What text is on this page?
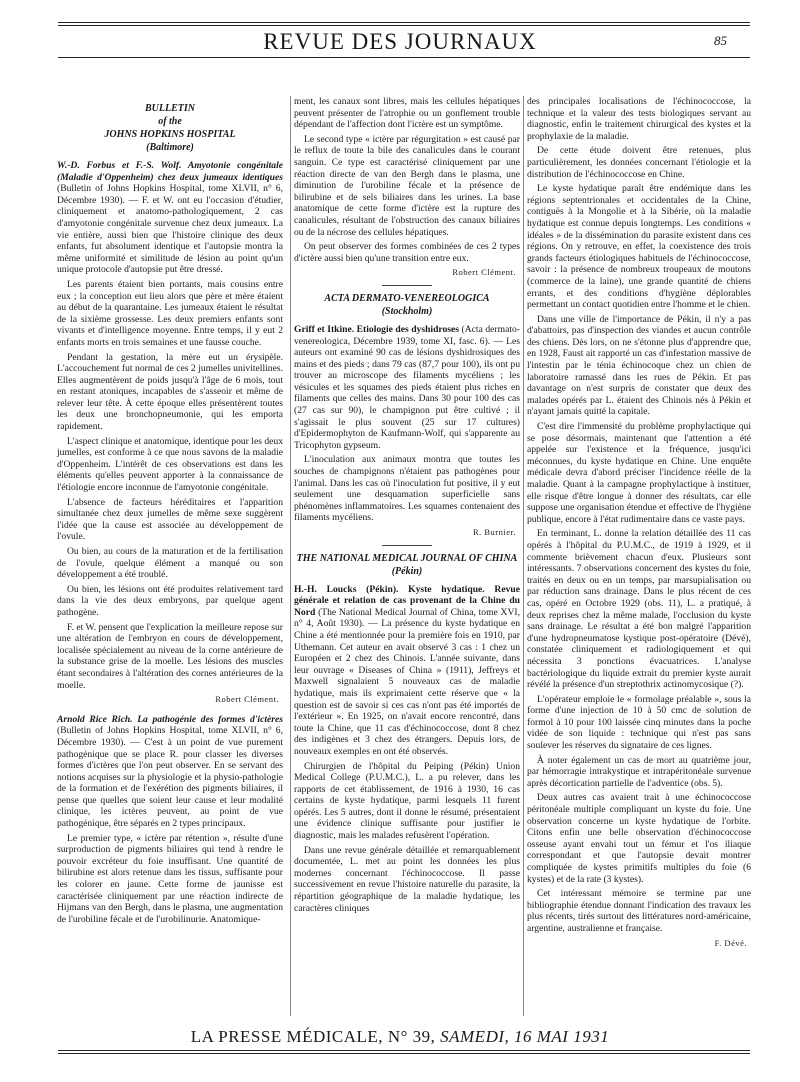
REVUE DES JOURNAUX	85
BULLETIN
of the
JOHNS HOPKINS HOSPITAL
(Baltimore)

W.-D. Forbus et F.-S. Wolf. Amyotonie congénitale (Maladie d'Oppenheim) chez deux jumeaux identiques (Bulletin of Johns Hopkins Hospital, tome XLVII, n° 6, Décembre 1930). — F. et W. ont eu l'occasion d'étudier, cliniquement et anatomo-pathologiquement, 2 cas d'amyotonie congénitale survenue chez deux jumeaux. La vie entière, aussi bien que l'histoire clinique des deux enfants, fut absolument identique et l'autopsie montra la même uniformité et similitude de lésion au point qu'un unique protocole d'autopsie put être dressé.

Les parents étaient bien portants, mais cousins entre eux ; la conception eut lieu alors que père et mère étaient au début de la quarantaine. Les jumeaux étaient le résultat de la sixième grossesse. Les deux premiers enfants sont vivants et d'intelligence moyenne. Entre temps, il y eut 2 enfants morts en trois semaines et une fausse couche.

Pendant la gestation, la mère eut un érysipèle. L'accouchement fut normal de ces 2 jumelles univitellines. Elles augmentèrent de poids jusqu'à l'âge de 6 mois, tout en restant atoniques, incapables de s'asseoir et même de relever leur tête. À cette époque elles présentèrent toutes les deux une bronchopneumonie, qui les emporta rapidement.

L'aspect clinique et anatomique, identique pour les deux jumelles, est conforme à ce que nous savons de la maladie d'Oppenheim. L'intérêt de ces observations est dans les éléments qu'elles peuvent apporter à la connaissance de l'étiologie encore inconnue de l'amyotonie congénitale.

L'absence de facteurs héréditaires et l'apparition simultanée chez deux jumelles de même sexe suggèrent l'idée que la cause est associée au développement de l'ovule.

Ou bien, au cours de la maturation et de la fertilisation de l'ovule, quelque élément a manqué ou son développement a été troublé.

Ou bien, les lésions ont été produites relativement tard dans la vie des deux embryons, par quelque agent pathogène.

F. et W. pensent que l'explication la meilleure repose sur une altération de l'embryon en cours de développement, localisée spécialement au niveau de la corne antérieure de la substance grise de la moelle. Les lésions des muscles étant secondaires à l'altération des cornes antérieures de la moelle.

Robert Clément.

Arnold Rice Rich. La pathogénie des formes d'ictères (Bulletin of Johns Hopkins Hospital, tome XLVII, n° 6, Décembre 1930). — C'est à un point de vue purement pathogénique que se place R. pour classer les diverses formes d'ictères que l'on peut observer. En se servant des notions acquises sur la physiologie et la physio-pathologie de la formation et de l'exérétion des pigments biliaires, il pense que quelles que soient leur cause et leur modalité clinique, les ictères peuvent, au point de vue pathogénique, être séparés en 2 types principaux.

Le premier type, « ictère par rétention », résulte d'une surproduction de pigments biliaires qui tend à rendre le pouvoir excréteur du foie insuffisant. Une quantité de bilirubine est alors retenue dans les tissus, suffisante pour les colorer en jaune. Cette forme de jaunisse est caractérisée cliniquement par une réaction indirecte de Hijmans van den Bergh, dans le plasma, une augmentation de l'urobiline fécale et de l'urobilinurie. Anatomique-

ment, les canaux sont libres, mais les cellules hépatiques peuvent présenter de l'atrophie ou un gonflement trouble dépendant de l'affection dont l'ictère est un symptôme.

Le second type « ictère par régurgitation » est causé par le reflux de toute la bile des canalicules dans le courant sanguin. Ce type est caractérisé cliniquement par une réaction directe de van den Bergh dans le plasma, une diminution de l'urobiline fécale et la présence de bilirubine et de sels biliaires dans les urines. La base anatomique de cette forme d'ictère est la rupture des canalicules, résultant de l'obstruction des canaux biliaires ou de la nécrose des cellules hépatiques.

On peut observer des formes combinées de ces 2 types d'ictère aussi bien qu'une transition entre eux.

Robert Clément.
ACTA DERMATO-VENEREOLOGICA
(Stockholm)

Griff et Itkine. Etiologie des dyshidroses (Acta dermato-venereologica, Décembre 1939, tome XI, fasc. 6). — Les auteurs ont examiné 90 cas de lésions dyshidrosiques des mains et des pieds ; dans 79 cas (87,7 pour 100), ils ont pu trouver au microscope des filaments mycéliens ; les vésicules et les squames des pieds étaient plus riches en filaments que celles des mains. Dans 30 pour 100 des cas (27 cas sur 90), le champignon put être cultivé ; il s'agissait le plus souvent (25 sur 17 cultures) d'Epidermophyton de Kaufmann-Wolf, qui s'apparente au Tricophyton gypseum.

L'inoculation aux animaux montra que toutes les souches de champignons n'étaient pas pathogènes pour l'animal. Dans les cas où l'inoculation fut positive, il y eut seulement une desquamation superficielle sans phénomènes inflammatoires. Les squames contenaient des filaments mycéliens.

R. Burnier.
THE NATIONAL MEDICAL JOURNAL OF CHINA
(Pékin)

H.-H. Loucks (Pékin). Kyste hydatique. Revue générale et relation de cas provenant de la Chine du Nord (The National Medical Journal of China, tome XVI, n° 4, Août 1930). — La présence du kyste hydatique en Chine a été mentionnée pour la première fois en 1910, par Uthemann. Cet auteur en avait observé 3 cas : 1 chez un Européen et 2 chez des Chinois. L'année suivante, dans leur ouvrage « Diseases of China » (1911), Jeffreys et Maxwell signalaient 5 nouveaux cas de maladie hydatique, mais ils exprimaient cette réserve que « la question est de savoir si ces cas n'ont pas été importés de l'extérieur ». En 1925, on n'avait encore rencontré, dans toute la Chine, que 11 cas d'échinococcose, dont 8 chez des indigènes et 3 chez des étrangers. Depuis lors, de nouveaux exemples en ont été observés.

Chirurgien de l'hôpital du Peiping (Pékin) Union Medical College (P.U.M.C.), L. a pu relever, dans les rapports de cet établissement, de 1916 à 1930, 16 cas certains de kyste hydatique, parmi lesquels 11 furent opérés. Les 5 autres, dont il donne le résumé, présentaient une évidence clinique suffisante pour justifier le diagnostic, mais les malades refusèrent l'opération.

Dans une revue générale détaillée et remarquablement documentée, L. met au point les données les plus modernes concernant l'échinococcose. Il passe successivement en revue l'histoire naturelle du parasite, la répartition géographique de la maladie hydatique, les caractères cliniques

des principales localisations de l'échinococcose, la technique et la valeur des tests biologiques servant au diagnostic, enfin le traitement chirurgical des kystes et la prophylaxie de la maladie.

De cette étude doivent être retenues, plus particulièrement, les données concernant l'étiologie et la distribution de l'échinococcose en Chine.

Le kyste hydatique paraît être endémique dans les régions septentrionales et occidentales de la Chine, contiguës à la Mongolie et à la Sibérie, où la maladie hydatique est connue depuis longtemps. Les conditions « idéales » de la dissémination du parasite existent dans ces régions. On y retrouve, en effet, la coexistence des trois grands facteurs étiologiques habituels de l'échinococcose, savoir : la présence de nombreux troupeaux de moutons (commerce de la laine), une grande quantité de chiens errants, et des conditions d'hygiène déplorables permettant un contact quotidien entre l'homme et le chien.

Dans une ville de l'importance de Pékin, il n'y a pas d'abattoirs, pas d'inspection des viandes et aucun contrôle des chiens. Dès lors, on ne s'étonne plus d'apprendre que, en 1928, Faust ait rapporté un cas d'infestation massive de l'intestin par le ténia échinocoque chez un chien de laboratoire ramassé dans les rues de Pékin. Et pas davantage on n'est surpris de constater que deux des malades opérés par L. étaient des Chinois nés à Pékin et n'ayant jamais quitté la capitale.

C'est dire l'immensité du problème prophylactique qui se pose désormais, maintenant que l'attention a été appelée sur l'existence et la fréquence, jusqu'ici méconnues, du kyste hydatique en Chine. Une enquête médicale devra d'abord préciser l'incidence réelle de la maladie. Quant à la campagne prophylactique à instituer, elle risque d'être longue à donner des résultats, car elle suppose une organisation étendue et effective de l'hygiène publique, encore à l'état rudimentaire dans ce vaste pays.

En terminant, L. donne la relation détaillée des 11 cas opérés à l'hôpital du P.U.M.C., de 1919 à 1929, et il commente brièvement chacun d'eux. Plusieurs sont intéressants. 7 observations concernent des kystes du foie, traités en deux ou en un temps, par marsupialisation ou par réduction sans drainage. Dans le plus récent de ces cas, opéré en Octobre 1929 (obs. 11), L. a pratiqué, à deux reprises chez la même malade, l'occlusion du kyste sans drainage. Le résultat a été bon malgré l'apparition d'une hydropneumatose kystique post-opératoire (Dévé), constatée cliniquement et radiologiquement et qui nécessita 3 ponctions évacuatrices. L'analyse bactériologique du liquide extrait du premier kyste aurait révélé la présence d'un streptothrix actinomycosique (?).

L'opérateur emploie le « formolage préalable », sous la forme d'une injection de 10 à 50 cmc de solution de formol à 10 pour 100 laissée cinq minutes dans la poche vidée de son liquide : technique qui n'est pas sans soulever les réserves du signataire de ces lignes.

À noter également un cas de mort au quatrième jour, par hémorragie intrakystique et intrapéritonéale survenue après décortication partielle de l'adventice (obs. 5).

Deux autres cas avaient trait à une échinococcose péritonéale multiple compliquant un kyste du foie. Une observation concerne un kyste hydatique de l'orbite. Citons enfin une belle observation d'échinococcose osseuse ayant envahi tout un fémur et l'os iliaque correspondant et que l'autopsie devait montrer compliquée de kystes primitifs multiples du foie (6 kystes) et de la rate (3 kystes).

Cet intéressant mémoire se termine par une bibliographie étendue donnant l'indication des travaux les plus récents, tirés surtout des littératures nord-américaine, argentine, australienne et française.

F. Dévé.
LA PRESSE MÉDICALE, N° 39, SAMEDI, 16 MAI 1931
